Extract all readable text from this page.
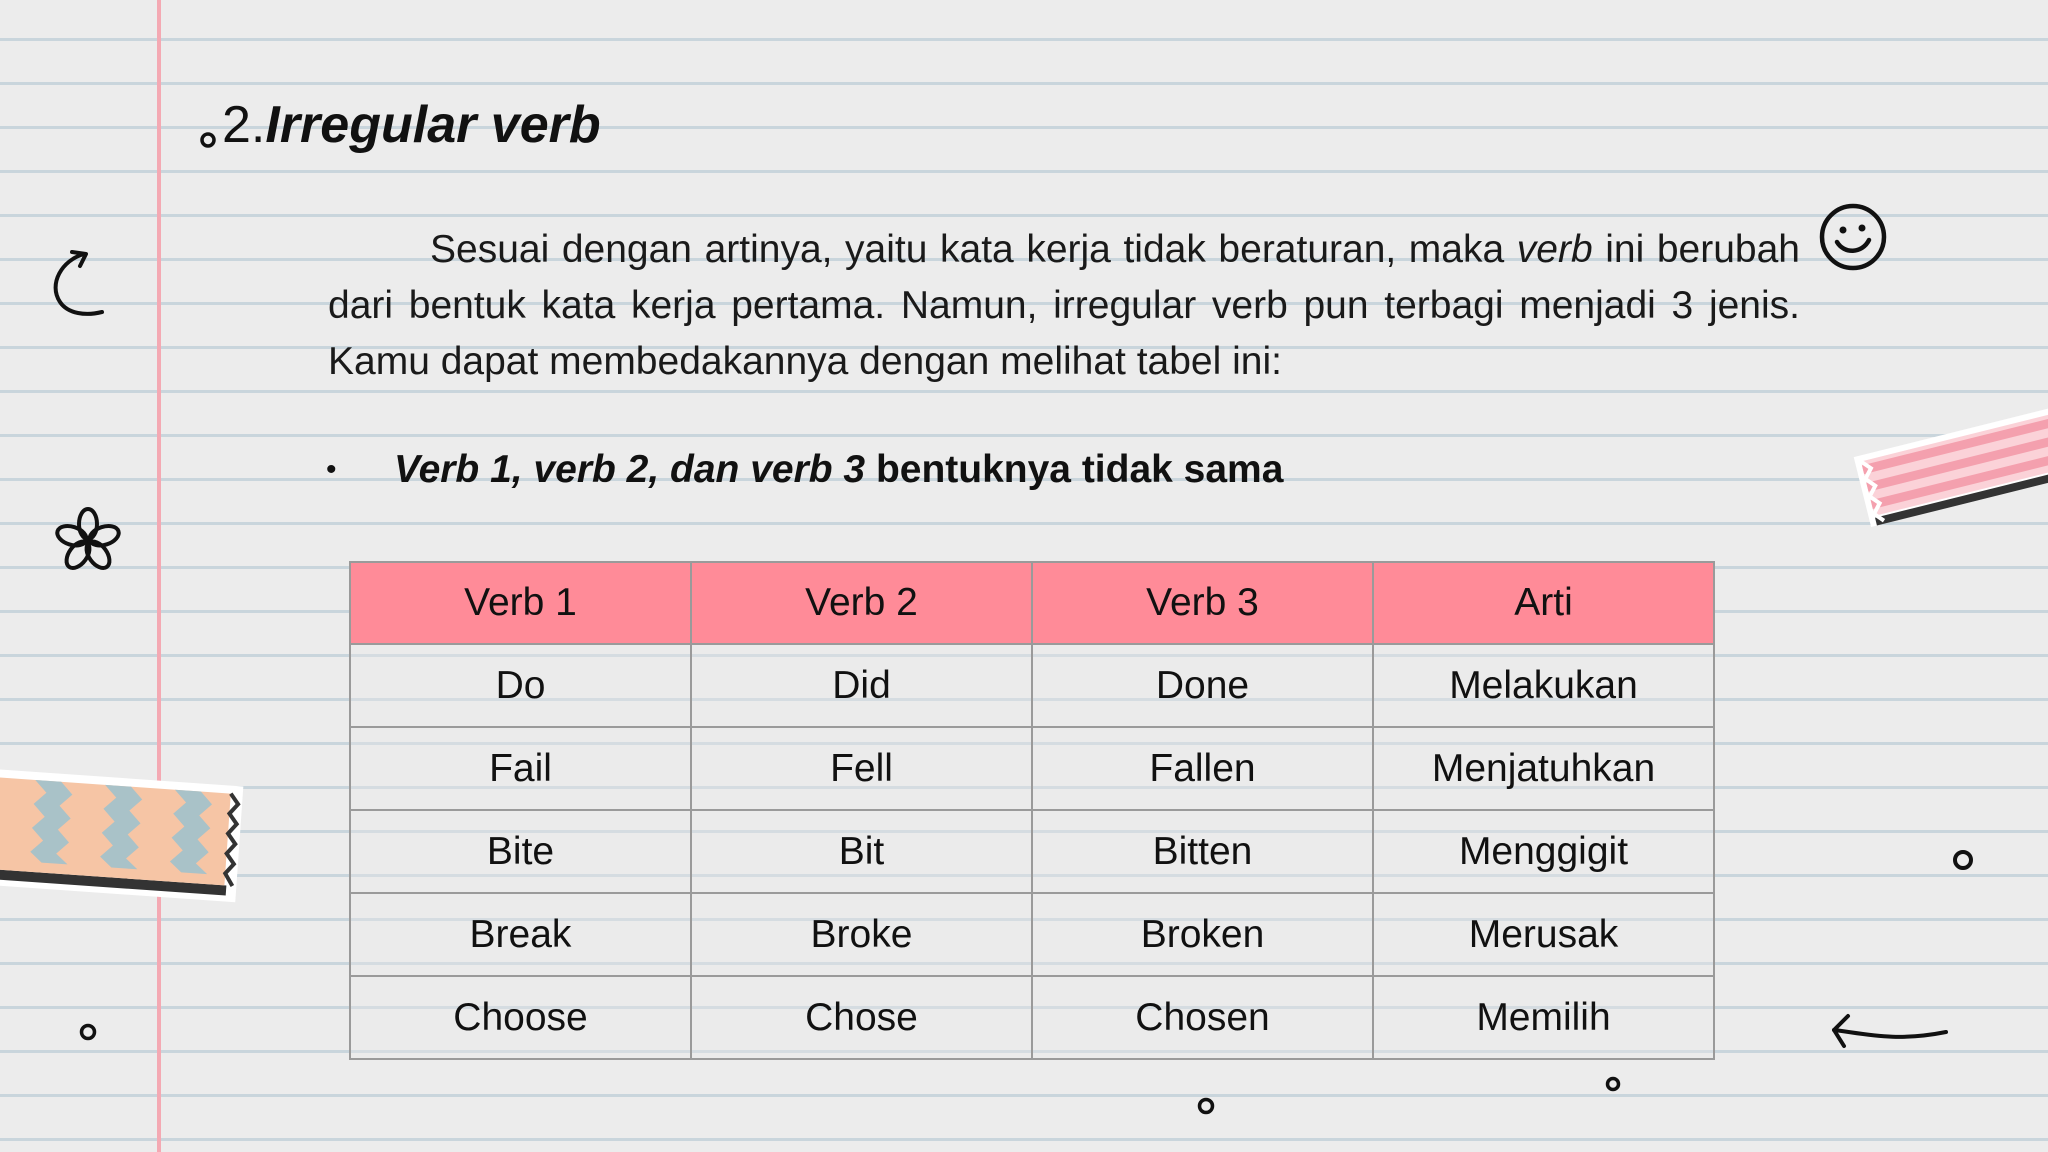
2.Irregular verb

Sesuai dengan artinya, yaitu kata kerja tidak beraturan, maka verb ini berubah dari bentuk kata kerja pertama. Namun, irregular verb pun terbagi menjadi 3 jenis. Kamu dapat membedakannya dengan melihat tabel ini:

• Verb 1, verb 2, dan verb 3 bentuknya tidak sama
Verb 1	Verb 2	Verb 3	Arti
Do	Did	Done	Melakukan
Fail	Fell	Fallen	Menjatuhkan
Bite	Bit	Bitten	Menggigit
Break	Broke	Broken	Merusak
Choose	Chose	Chosen	Memilih
